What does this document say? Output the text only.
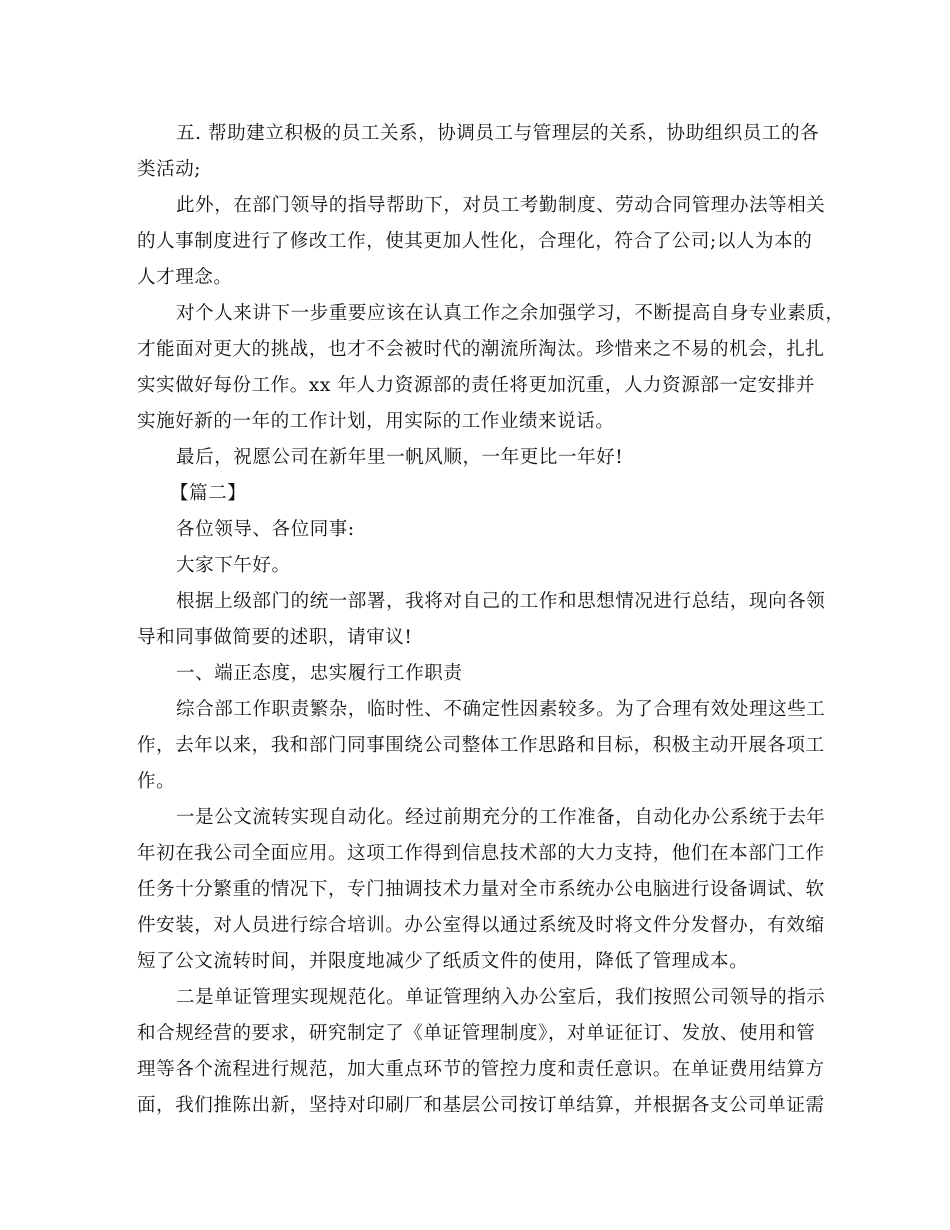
五. 帮助建立积极的员工关系，协调员工与管理层的关系，协助组织员工的各
类活动;
此外，在部门领导的指导帮助下，对员工考勤制度、劳动合同管理办法等相关
的人事制度进行了修改工作，使其更加人性化，合理化，符合了公司;以人为本的
人才理念。
对个人来讲下一步重要应该在认真工作之余加强学习，不断提高自身专业素质，
才能面对更大的挑战，也才不会被时代的潮流所淘汰。珍惜来之不易的机会，扎扎
实实做好每份工作。xx 年人力资源部的责任将更加沉重，人力资源部一定安排并
实施好新的一年的工作计划，用实际的工作业绩来说话。
最后，祝愿公司在新年里一帆风顺，一年更比一年好!
【篇二】
各位领导、各位同事:
大家下午好。
根据上级部门的统一部署，我将对自己的工作和思想情况进行总结，现向各领
导和同事做简要的述职，请审议!
一、端正态度，忠实履行工作职责
综合部工作职责繁杂，临时性、不确定性因素较多。为了合理有效处理这些工
作，去年以来，我和部门同事围绕公司整体工作思路和目标，积极主动开展各项工
作。
一是公文流转实现自动化。经过前期充分的工作准备，自动化办公系统于去年
年初在我公司全面应用。这项工作得到信息技术部的大力支持，他们在本部门工作
任务十分繁重的情况下，专门抽调技术力量对全市系统办公电脑进行设备调试、软
件安装，对人员进行综合培训。办公室得以通过系统及时将文件分发督办，有效缩
短了公文流转时间，并限度地减少了纸质文件的使用，降低了管理成本。
二是单证管理实现规范化。单证管理纳入办公室后，我们按照公司领导的指示
和合规经营的要求，研究制定了《单证管理制度》，对单证征订、发放、使用和管
理等各个流程进行规范，加大重点环节的管控力度和责任意识。在单证费用结算方
面，我们推陈出新，坚持对印刷厂和基层公司按订单结算，并根据各支公司单证需
